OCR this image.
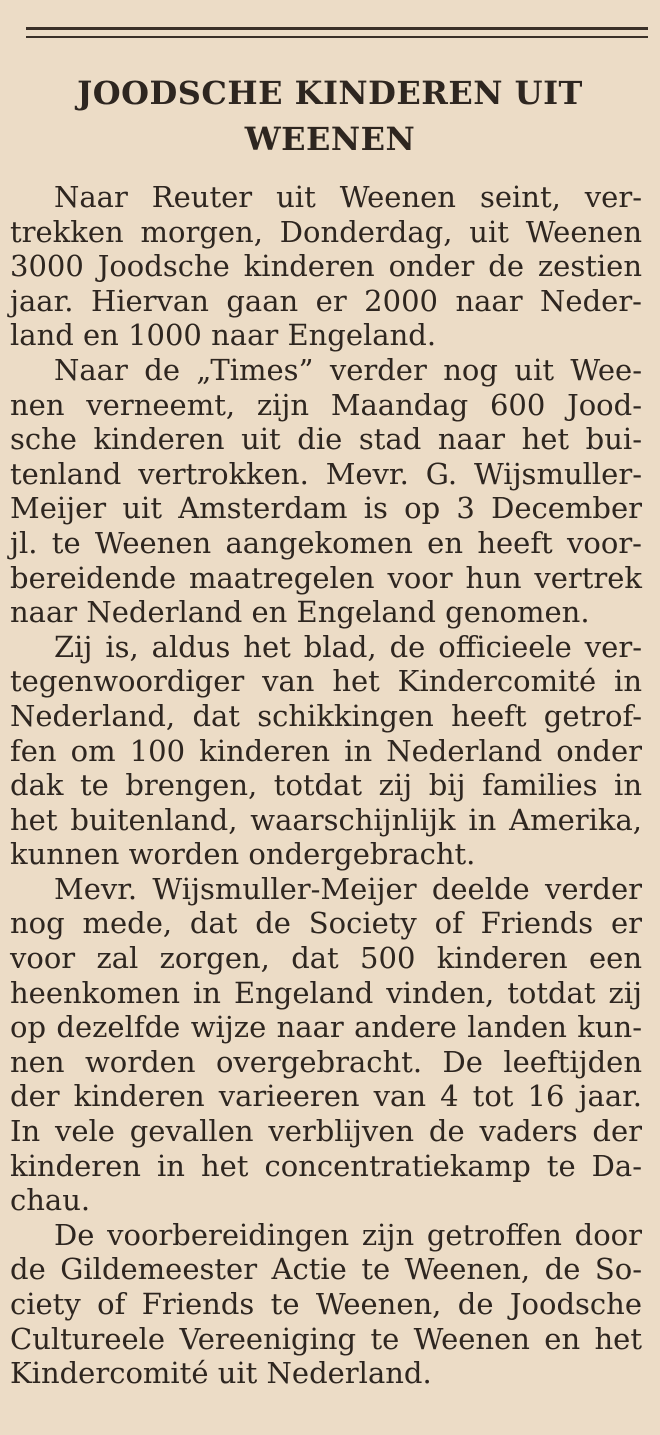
JOODSCHE KINDEREN UIT
WEENEN
Naar Reuter uit Weenen seint, ver-
trekken morgen, Donderdag, uit Weenen
3000 Joodsche kinderen onder de zestien
jaar. Hiervan gaan er 2000 naar Neder-
land en 1000 naar Engeland.
Naar de „Times” verder nog uit Wee-
nen verneemt, zijn Maandag 600 Jood-
sche kinderen uit die stad naar het bui-
tenland vertrokken. Mevr. G. Wijsmuller-
Meijer uit Amsterdam is op 3 December
jl. te Weenen aangekomen en heeft voor-
bereidende maatregelen voor hun vertrek
naar Nederland en Engeland genomen.
Zij is, aldus het blad, de officieele ver-
tegenwoordiger van het Kindercomité in
Nederland, dat schikkingen heeft getrof-
fen om 100 kinderen in Nederland onder
dak te brengen, totdat zij bij families in
het buitenland, waarschijnlijk in Amerika,
kunnen worden ondergebracht.
Mevr. Wijsmuller-Meijer deelde verder
nog mede, dat de Society of Friends er
voor zal zorgen, dat 500 kinderen een
heenkomen in Engeland vinden, totdat zij
op dezelfde wijze naar andere landen kun-
nen worden overgebracht. De leeftijden
der kinderen varieeren van 4 tot 16 jaar.
In vele gevallen verblijven de vaders der
kinderen in het concentratiekamp te Da-
chau.
De voorbereidingen zijn getroffen door
de Gildemeester Actie te Weenen, de So-
ciety of Friends te Weenen, de Joodsche
Cultureele Vereeniging te Weenen en het
Kindercomité uit Nederland.
